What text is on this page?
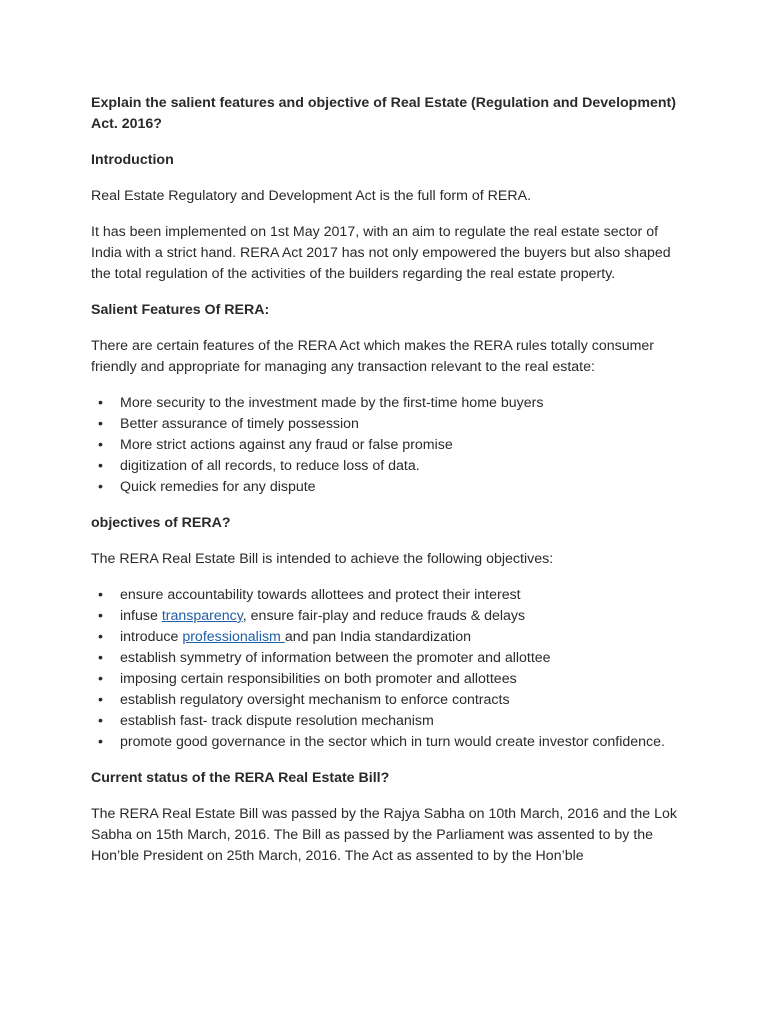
Explain the salient features and objective of Real Estate (Regulation and Development) Act. 2016?

Introduction

Real Estate Regulatory and Development Act is the full form of RERA.

It has been implemented on 1st May 2017, with an aim to regulate the real estate sector of India with a strict hand. RERA Act 2017 has not only empowered the buyers but also shaped the total regulation of the activities of the builders regarding the real estate property.

Salient Features Of RERA:

There are certain features of the RERA Act which makes the RERA rules totally consumer friendly and appropriate for managing any transaction relevant to the real estate:

• More security to the investment made by the first-time home buyers
• Better assurance of timely possession
• More strict actions against any fraud or false promise
• digitization of all records, to reduce loss of data.
• Quick remedies for any dispute

objectives of RERA?

The RERA Real Estate Bill is intended to achieve the following objectives:

• ensure accountability towards allottees and protect their interest
• infuse transparency, ensure fair-play and reduce frauds & delays
• introduce professionalism and pan India standardization
• establish symmetry of information between the promoter and allottee
• imposing certain responsibilities on both promoter and allottees
• establish regulatory oversight mechanism to enforce contracts
• establish fast- track dispute resolution mechanism
• promote good governance in the sector which in turn would create investor confidence.

Current status of the RERA Real Estate Bill?

The RERA Real Estate Bill was passed by the Rajya Sabha on 10th March, 2016 and the Lok Sabha on 15th March, 2016. The Bill as passed by the Parliament was assented to by the Hon’ble President on 25th March, 2016. The Act as assented to by the Hon’ble
